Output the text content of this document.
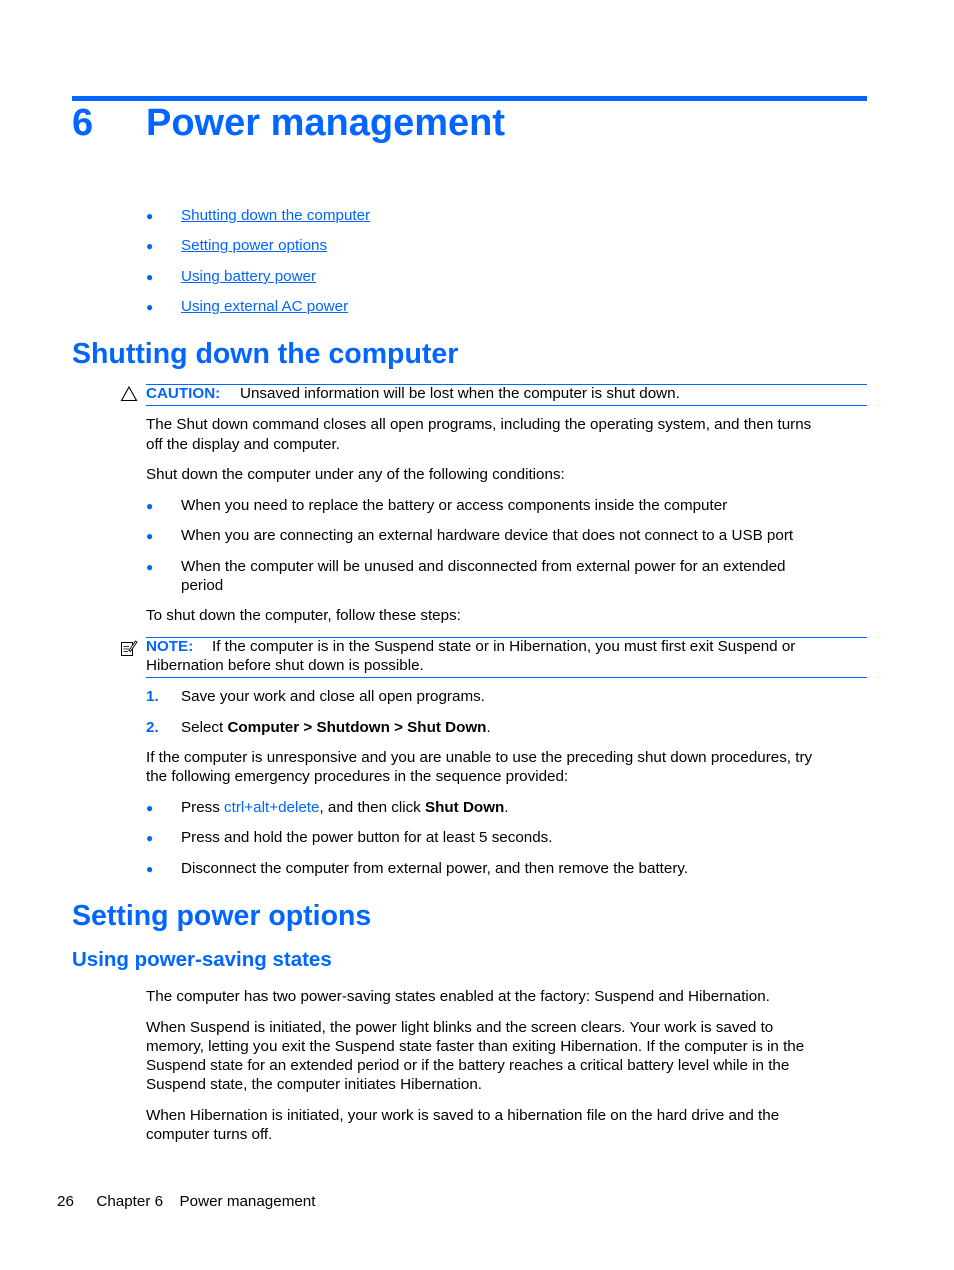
6 Power management
● Shutting down the computer
● Setting power options
● Using battery power
● Using external AC power
Shutting down the computer
CAUTION: Unsaved information will be lost when the computer is shut down.
The Shut down command closes all open programs, including the operating system, and then turns
off the display and computer.
Shut down the computer under any of the following conditions:
● When you need to replace the battery or access components inside the computer
● When you are connecting an external hardware device that does not connect to a USB port
● When the computer will be unused and disconnected from external power for an extended
period
To shut down the computer, follow these steps:
NOTE: If the computer is in the Suspend state or in Hibernation, you must first exit Suspend or
Hibernation before shut down is possible.
1. Save your work and close all open programs.
2. Select Computer > Shutdown > Shut Down.
If the computer is unresponsive and you are unable to use the preceding shut down procedures, try
the following emergency procedures in the sequence provided:
● Press ctrl+alt+delete, and then click Shut Down.
● Press and hold the power button for at least 5 seconds.
● Disconnect the computer from external power, and then remove the battery.
Setting power options
Using power-saving states
The computer has two power-saving states enabled at the factory: Suspend and Hibernation.
When Suspend is initiated, the power light blinks and the screen clears. Your work is saved to
memory, letting you exit the Suspend state faster than exiting Hibernation. If the computer is in the
Suspend state for an extended period or if the battery reaches a critical battery level while in the
Suspend state, the computer initiates Hibernation.
When Hibernation is initiated, your work is saved to a hibernation file on the hard drive and the
computer turns off.
26 Chapter 6 Power management
